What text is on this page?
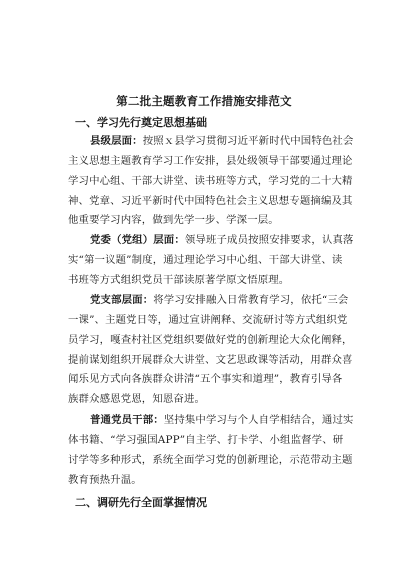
第二批主题教育工作措施安排范文
一、学习先行奠定思想基础
县级层面：按照ｘ县学习贯彻习近平新时代中国特色社会
主义思想主题教育学习工作安排，县处级领导干部要通过理论
学习中心组、干部大讲堂、读书班等方式，学习党的二十大精
神、党章、习近平新时代中国特色社会主义思想专题摘编及其
他重要学习内容，做到先学一步、学深一层。
党委（党组）层面：领导班子成员按照安排要求，认真落
实“第一议题”制度，通过理论学习中心组、干部大讲堂、读
书班等方式组织党员干部读原著学原文悟原理。
党支部层面：将学习安排融入日常教育学习，依托“三会
一课”、主题党日等，通过宣讲阐释、交流研讨等方式组织党
员学习，嘎查村社区党组织要做好党的创新理论大众化阐释，
提前谋划组织开展群众大讲堂、文艺思政课等活动，用群众喜
闻乐见方式向各族群众讲清“五个事实和道理”，教育引导各
族群众感恩党恩，知恩奋进。
普通党员干部：坚持集中学习与个人自学相结合，通过实
体书籍、“学习强国APP”自主学、打卡学、小组监督学、研
讨学等多种形式，系统全面学习党的创新理论，示范带动主题
教育预热升温。
二、调研先行全面掌握情况
